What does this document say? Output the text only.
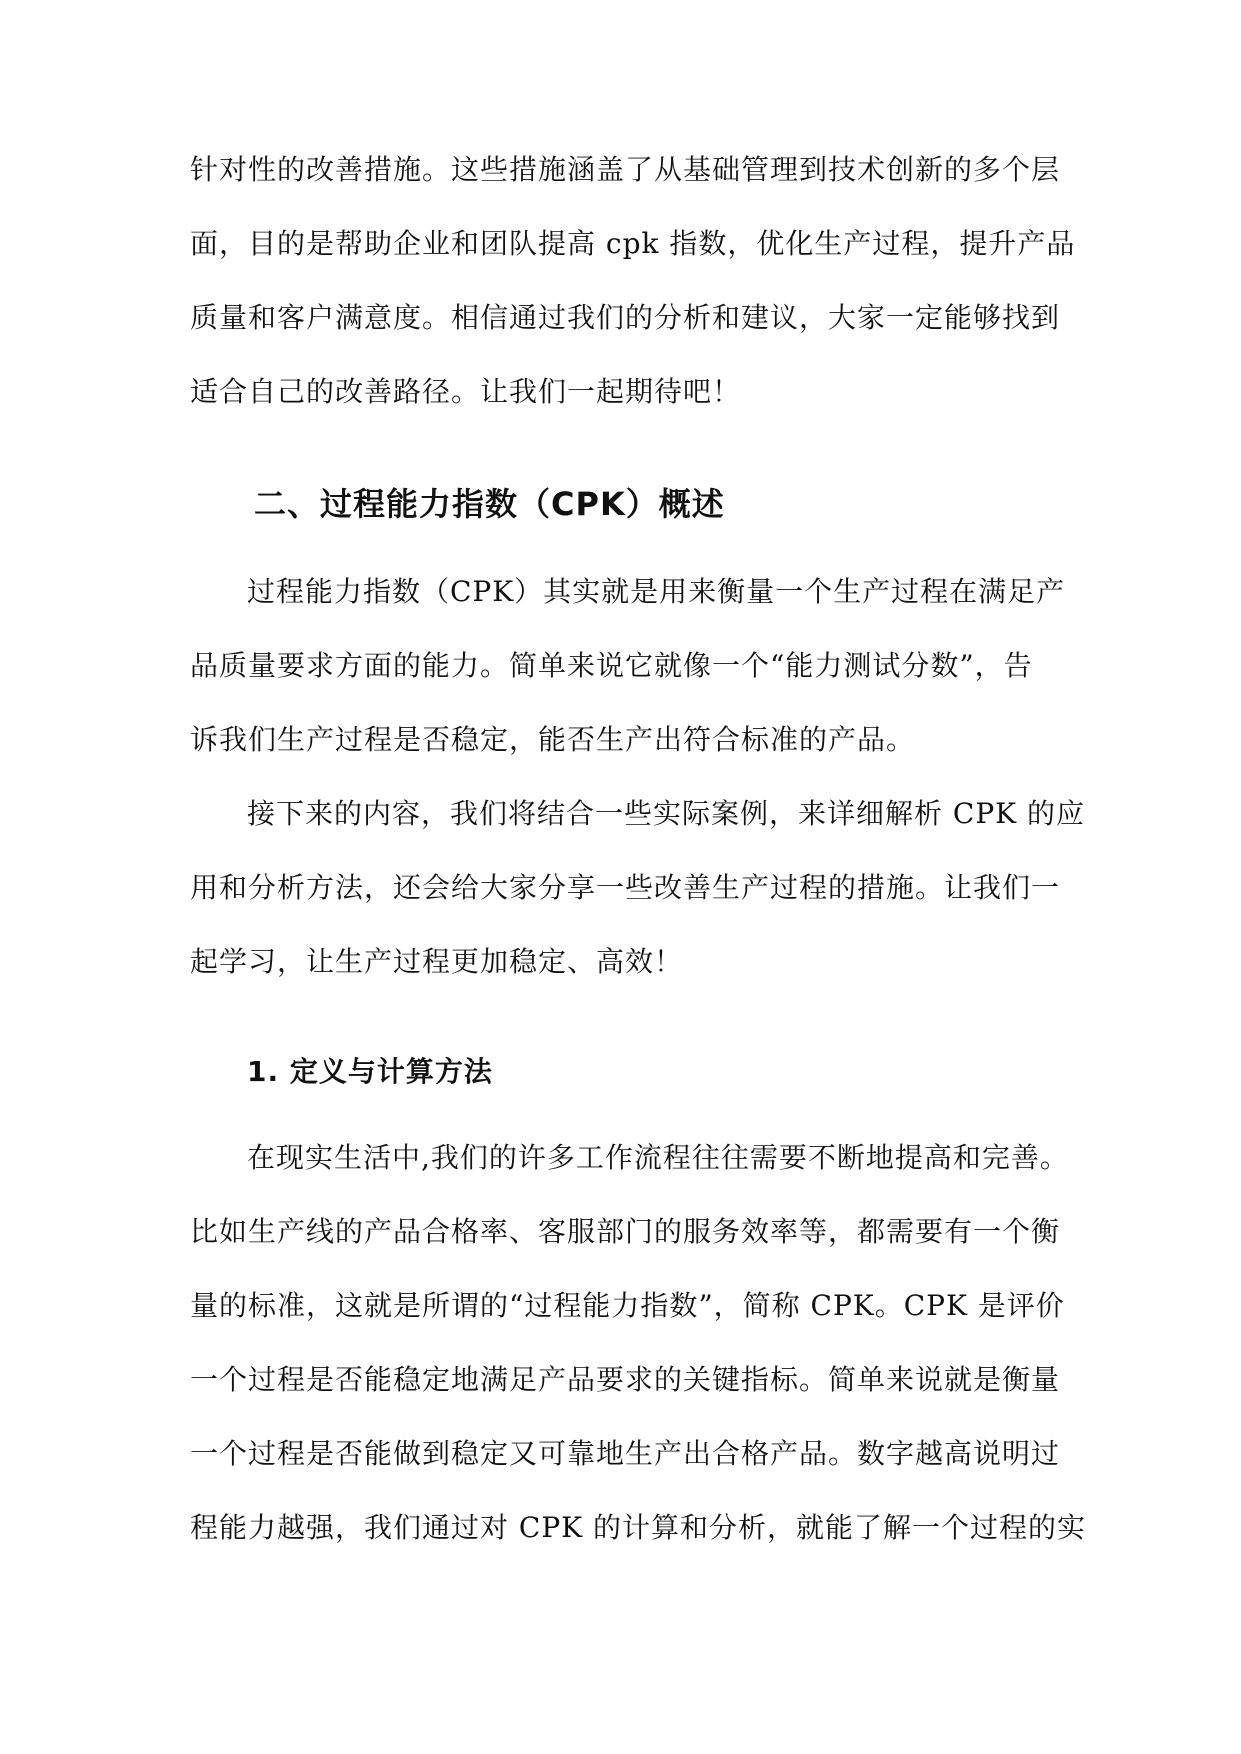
针对性的改善措施。这些措施涵盖了从基础管理到技术创新的多个层
面，目的是帮助企业和团队提高 cpk 指数，优化生产过程，提升产品
质量和客户满意度。相信通过我们的分析和建议，大家一定能够找到
适合自己的改善路径。让我们一起期待吧！
二、过程能力指数（CPK）概述
过程能力指数（CPK）其实就是用来衡量一个生产过程在满足产
品质量要求方面的能力。简单来说它就像一个“能力测试分数”，告
诉我们生产过程是否稳定，能否生产出符合标准的产品。
接下来的内容，我们将结合一些实际案例，来详细解析 CPK 的应
用和分析方法，还会给大家分享一些改善生产过程的措施。让我们一
起学习，让生产过程更加稳定、高效！
1. 定义与计算方法
在现实生活中,我们的许多工作流程往往需要不断地提高和完善。
比如生产线的产品合格率、客服部门的服务效率等，都需要有一个衡
量的标准，这就是所谓的“过程能力指数”，简称 CPK。CPK 是评价
一个过程是否能稳定地满足产品要求的关键指标。简单来说就是衡量
一个过程是否能做到稳定又可靠地生产出合格产品。数字越高说明过
程能力越强，我们通过对 CPK 的计算和分析，就能了解一个过程的实
